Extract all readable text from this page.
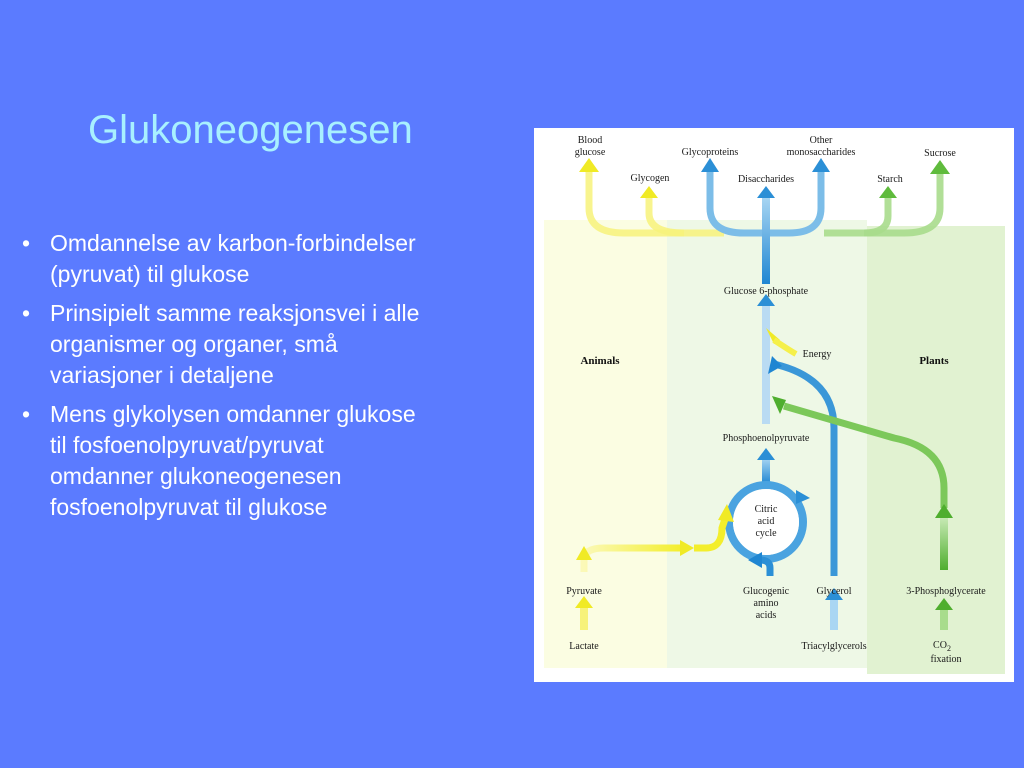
Glukoneogenesen
• Omdannelse av karbon-forbindelser
(pyruvat) til glukose
• Prinsipielt samme reaksjonsvei i alle
organismer og organer, små
variasjoner i detaljene
• Mens glykolysen omdanner glukose
til fosfoenolpyruvat/pyruvat
omdanner glukoneogenesen
fosfoenolpyruvat til glukose
Blood
glucose
Glycogen
Glycoproteins
Other
monosaccharides
Disaccharides	Starch
Sucrose
Animals	Plants
Glucose 6-phosphate
Energy
Phosphoenolpyruvate
Citric
acid
cycle
Pyruvate
Lactate
Glucogenic
amino
acids
Glycerol
Triacylglycerols
3-Phosphoglycerate
$CO_2$
fixation
